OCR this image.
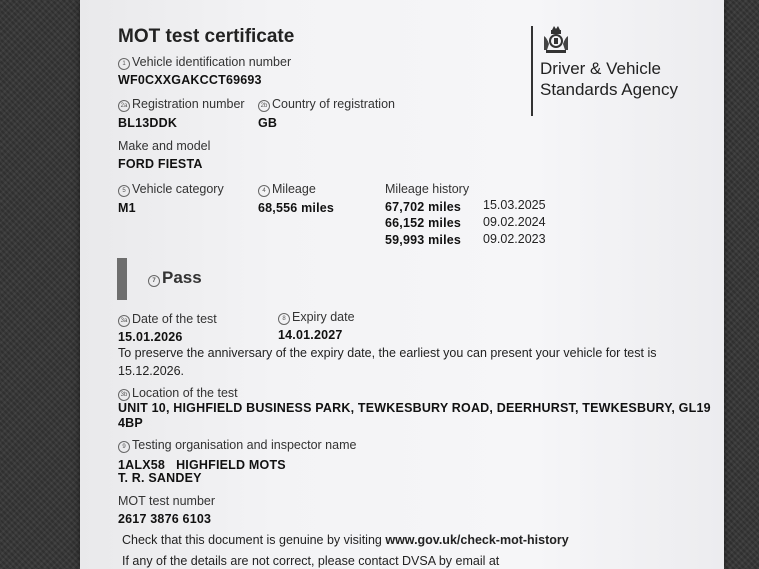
MOT test certificate
Driver & Vehicle Standards Agency
1 Vehicle identification number
WF0CXXGAKCCT69693
2a Registration number
BL13DDK
2b Country of registration
GB
Make and model
FORD FIESTA
5 Vehicle category
M1
4 Mileage
68,556 miles
Mileage history
67,702 miles 15.03.2025
66,152 miles 09.02.2024
59,993 miles 09.02.2023
7 Pass
3a Date of the test
15.01.2026
8 Expiry date
14.01.2027
To preserve the anniversary of the expiry date, the earliest you can present your vehicle for test is
15.12.2026.
3b Location of the test
UNIT 10, HIGHFIELD BUSINESS PARK, TEWKESBURY ROAD, DEERHURST, TEWKESBURY, GL19
4BP
9 Testing organisation and inspector name
1ALX58   HIGHFIELD MOTS
T. R. SANDEY
MOT test number
2617 3876 6103
Check that this document is genuine by visiting www.gov.uk/check-mot-history
If any of the details are not correct, please contact DVSA by email at
